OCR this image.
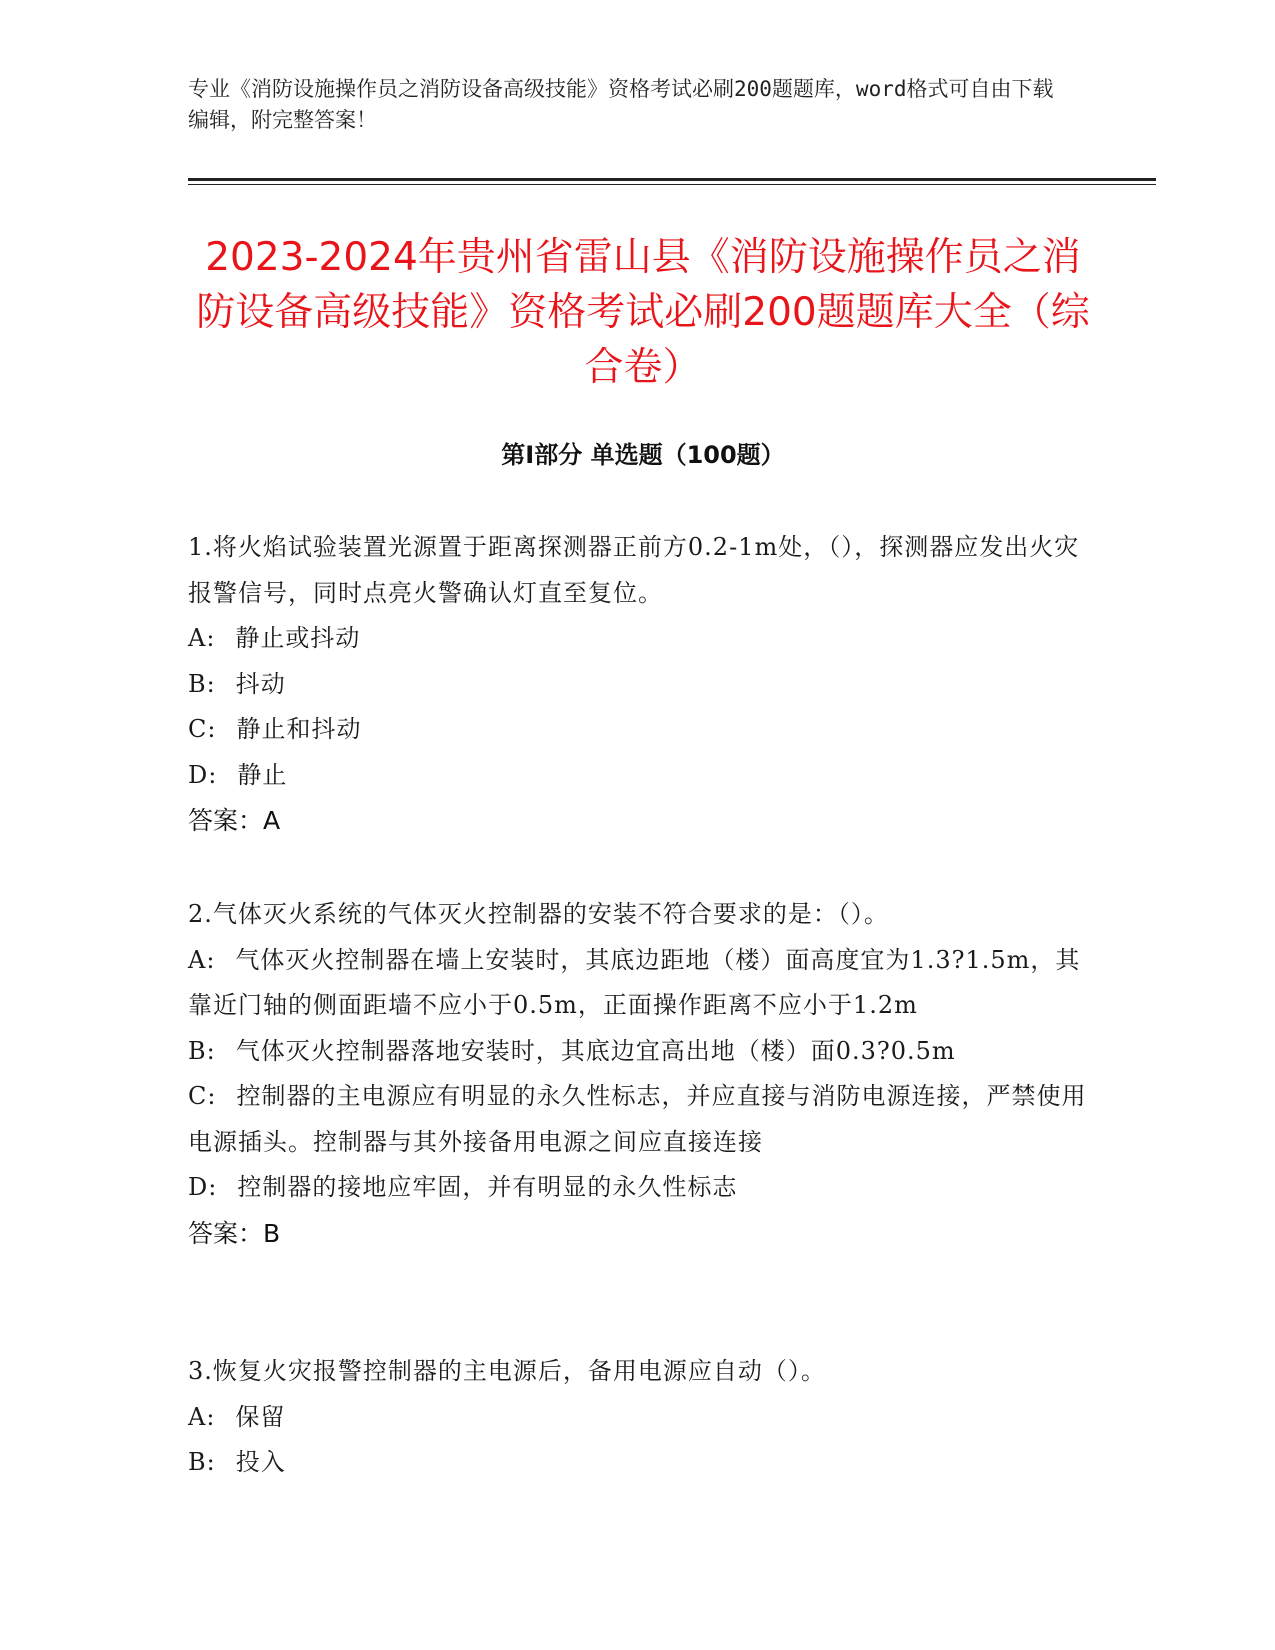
专业《消防设施操作员之消防设备高级技能》资格考试必刷200题题库，word格式可自由下载编辑，附完整答案！
2023-2024年贵州省雷山县《消防设施操作员之消防设备高级技能》资格考试必刷200题题库大全（综合卷）
第I部分 单选题（100题）

1.将火焰试验装置光源置于距离探测器正前方0.2-1m处，（），探测器应发出火灾报警信号，同时点亮火警确认灯直至复位。

A: 静止或抖动

B: 抖动

C: 静止和抖动

D: 静止

答案：A

2.气体灭火系统的气体灭火控制器的安装不符合要求的是：（）。

A: 气体灭火控制器在墙上安装时，其底边距地（楼）面高度宜为1.3?1.5m，其靠近门轴的侧面距墙不应小于0.5m，正面操作距离不应小于1.2m

B: 气体灭火控制器落地安装时，其底边宜高出地（楼）面0.3?0.5m

C: 控制器的主电源应有明显的永久性标志，并应直接与消防电源连接，严禁使用电源插头。控制器与其外接备用电源之间应直接连接

D: 控制器的接地应牢固，并有明显的永久性标志

答案：B

3.恢复火灾报警控制器的主电源后，备用电源应自动（）。

A: 保留

B: 投入
